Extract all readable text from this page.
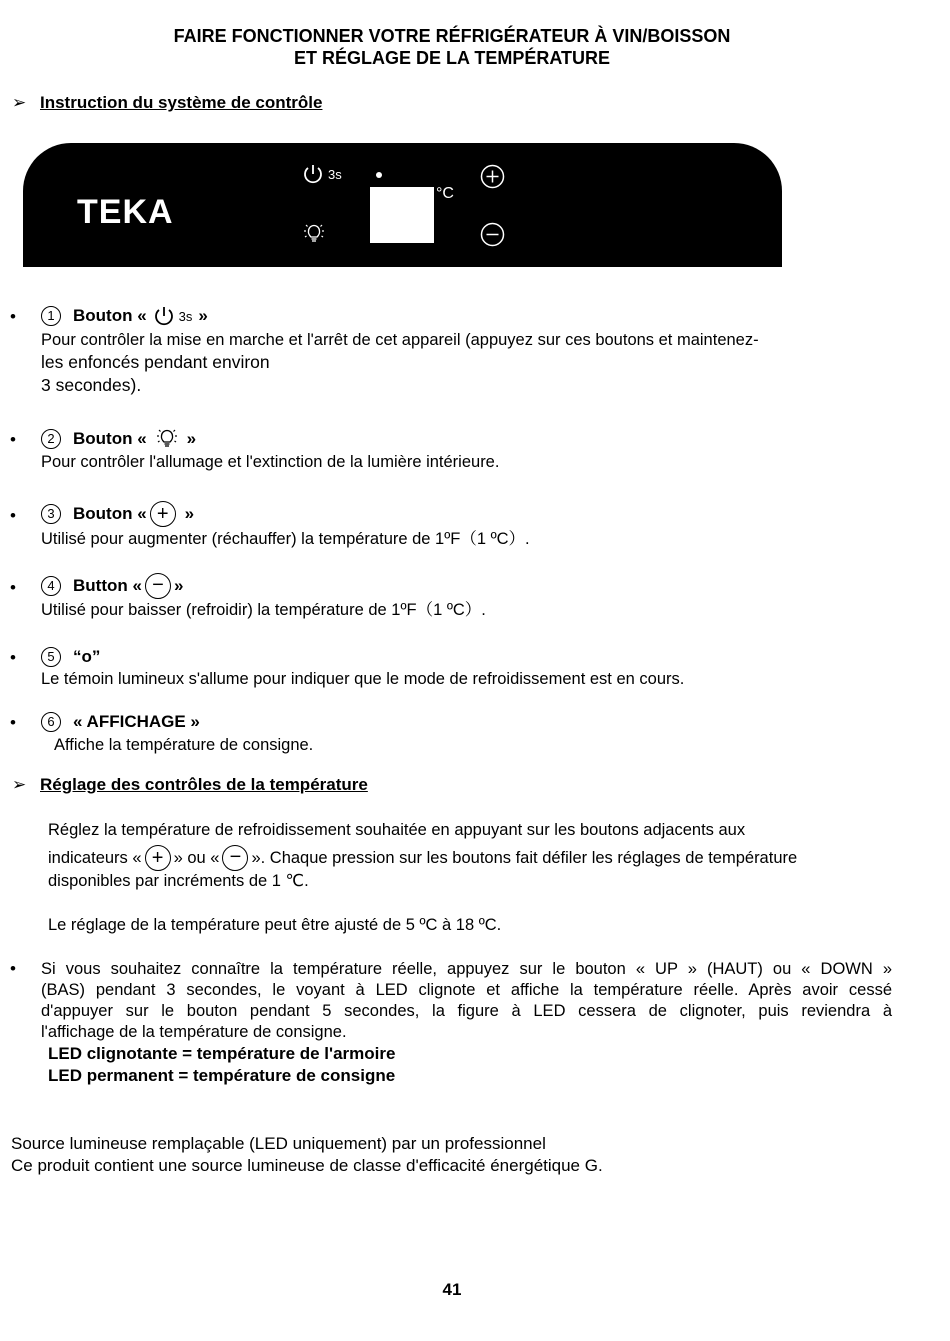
FAIRE FONCTIONNER VOTRE RÉFRIGÉRATEUR À VIN/BOISSON
ET RÉGLAGE DE LA TEMPÉRATURE
➢ Instruction du système de contrôle
TEKA
3s
°C
•	1	Bouton « 3s »
Pour contrôler la mise en marche et l'arrêt de cet appareil (appuyez sur ces boutons et maintenez-
les enfoncés pendant environ
3 secondes).
•	2	Bouton « »
Pour contrôler l'allumage et l'extinction de la lumière intérieure.
•	3	Bouton « + »
Utilisé pour augmenter (réchauffer) la température de 1ºF（1 ºC）.
•	4	Button « − »
Utilisé pour baisser (refroidir) la température de 1ºF（1 ºC）.
•	5	“o”
Le témoin lumineux s'allume pour indiquer que le mode de refroidissement est en cours.
•	6	« AFFICHAGE »
Affiche la température de consigne.
➢ Réglage des contrôles de la température
Réglez la température de refroidissement souhaitée en appuyant sur les boutons adjacents aux
indicateurs « + » ou « − ». Chaque pression sur les boutons fait défiler les réglages de température
disponibles par incréments de 1 ℃.
Le réglage de la température peut être ajusté de 5 ºC à 18 ºC.
• Si vous souhaitez connaître la température réelle, appuyez sur le bouton « UP » (HAUT) ou « DOWN »
(BAS) pendant 3 secondes, le voyant à LED clignote et affiche la température réelle. Après avoir cessé
d'appuyer sur le bouton pendant 5 secondes, la figure à LED cessera de clignoter, puis reviendra à
l'affichage de la température de consigne.
LED clignotante = température de l'armoire
LED permanent = température de consigne
Source lumineuse remplaçable (LED uniquement) par un professionnel
Ce produit contient une source lumineuse de classe d'efficacité énergétique G.
41
